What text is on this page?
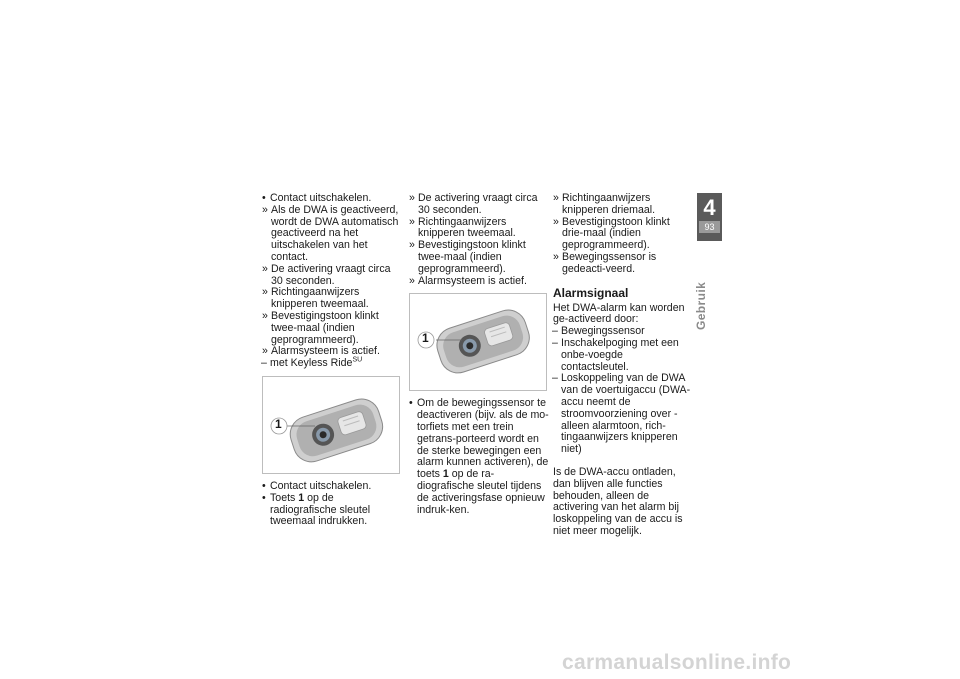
• Contact uitschakelen.

» Als de DWA is geactiveerd, wordt de DWA automatisch geactiveerd na het uitschakelen van het contact.

» De activering vraagt circa 30 seconden.

» Richtingaanwijzers knipperen tweemaal.

» Bevestigingstoon klinkt twee-maal (indien geprogrammeerd).

» Alarmsysteem is actief.

– met Keyless Ride$^{SU}$

1

• Contact uitschakelen.

• Toets 1 op de radiografische sleutel tweemaal indrukken.

» De activering vraagt circa 30 seconden.

» Richtingaanwijzers knipperen tweemaal.

» Bevestigingstoon klinkt twee-maal (indien geprogrammeerd).

» Alarmsysteem is actief.

1

• Om de bewegingssensor te deactiveren (bijv. als de mo-torfiets met een trein getrans-porteerd wordt en de sterke bewegingen een alarm kunnen activeren), de toets 1 op de ra-diografische sleutel tijdens de activeringsfase opnieuw indruk-ken.

» Richtingaanwijzers knipperen driemaal.

» Bevestigingstoon klinkt drie-maal (indien geprogrammeerd).

» Bewegingssensor is gedeacti-veerd.

Alarmsignaal

Het DWA-alarm kan worden ge-activeerd door:

– Bewegingssensor

– Inschakelpoging met een onbe-voegde contactsleutel.

– Loskoppeling van de DWA van de voertuigaccu (DWA-accu neemt de stroomvoorziening over - alleen alarmtoon, rich-tingaanwijzers knipperen niet)

Is de DWA-accu ontladen, dan blijven alle functies behouden, alleen de activering van het alarm bij loskoppeling van de accu is niet meer mogelijk.

4
93
Gebruik
carmanualsonline.info
